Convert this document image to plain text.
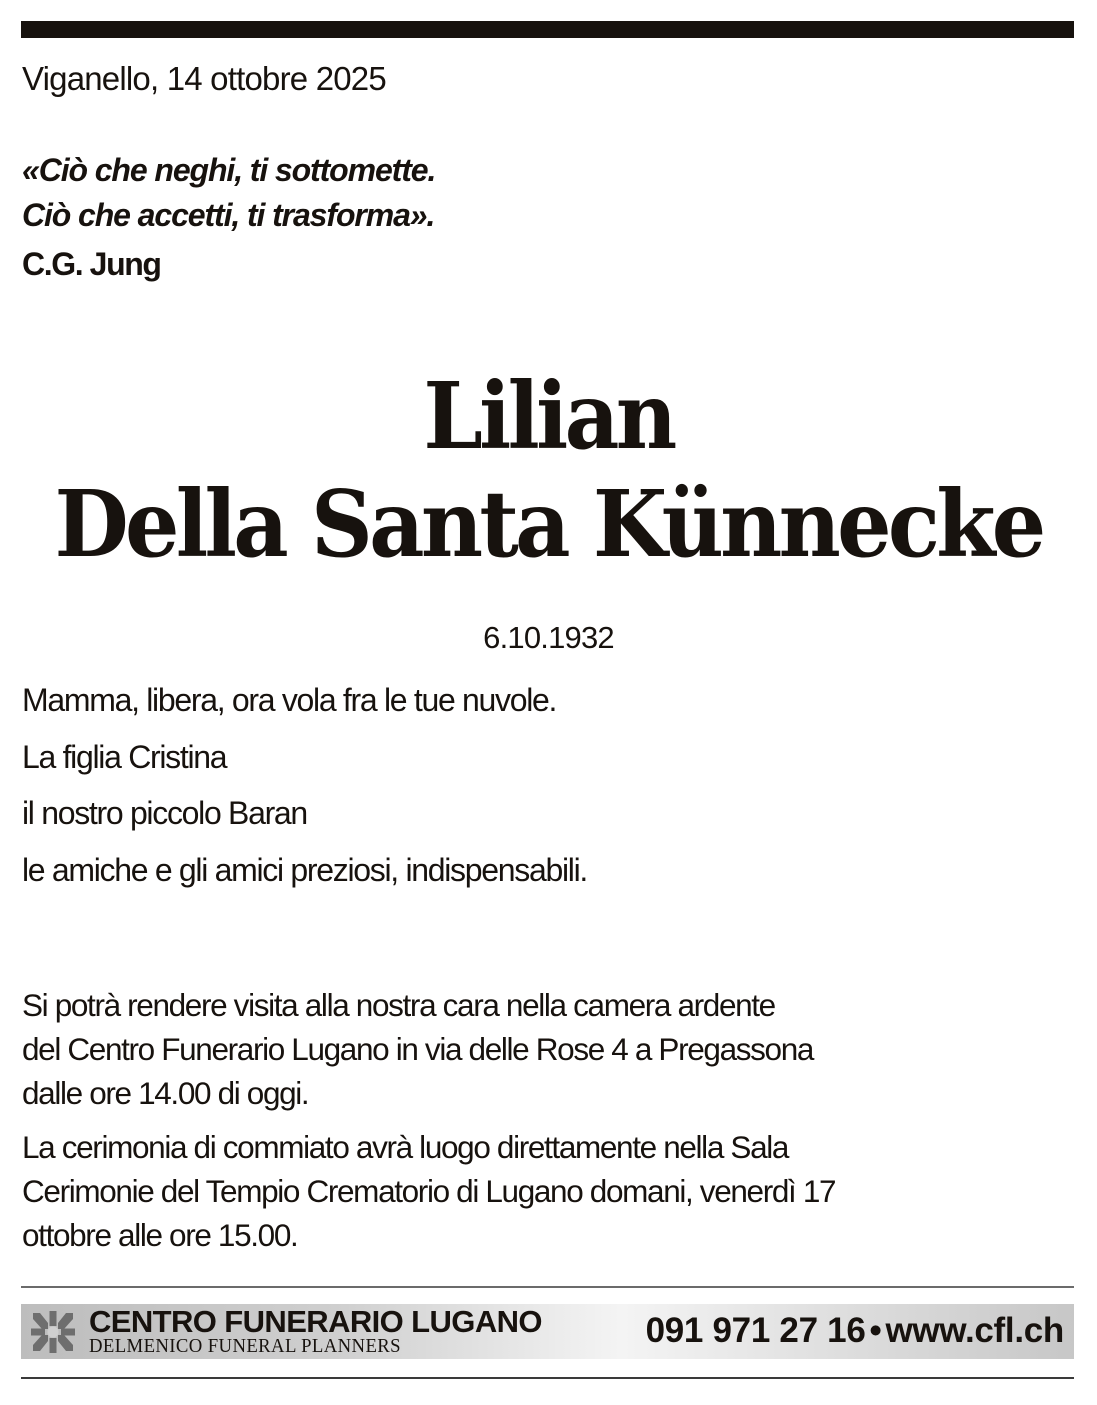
Viganello, 14 ottobre 2025
«Ciò che neghi, ti sottomette.
Ciò che accetti, ti trasforma».
C.G. Jung
Lilian
Della Santa Künnecke
6.10.1932
Mamma, libera, ora vola fra le tue nuvole.
La figlia Cristina
il nostro piccolo Baran
le amiche e gli amici preziosi, indispensabili.

Si potrà rendere visita alla nostra cara nella camera ardente
del Centro Funerario Lugano in via delle Rose 4 a Pregassona
dalle ore 14.00 di oggi.

La cerimonia di commiato avrà luogo direttamente nella Sala
Cerimonie del Tempio Crematorio di Lugano domani, venerdì 17
ottobre alle ore 15.00.

CENTRO FUNERARIO LUGANO
DELMENICO FUNERAL PLANNERS	091 971 27 16 • www.cfl.ch
